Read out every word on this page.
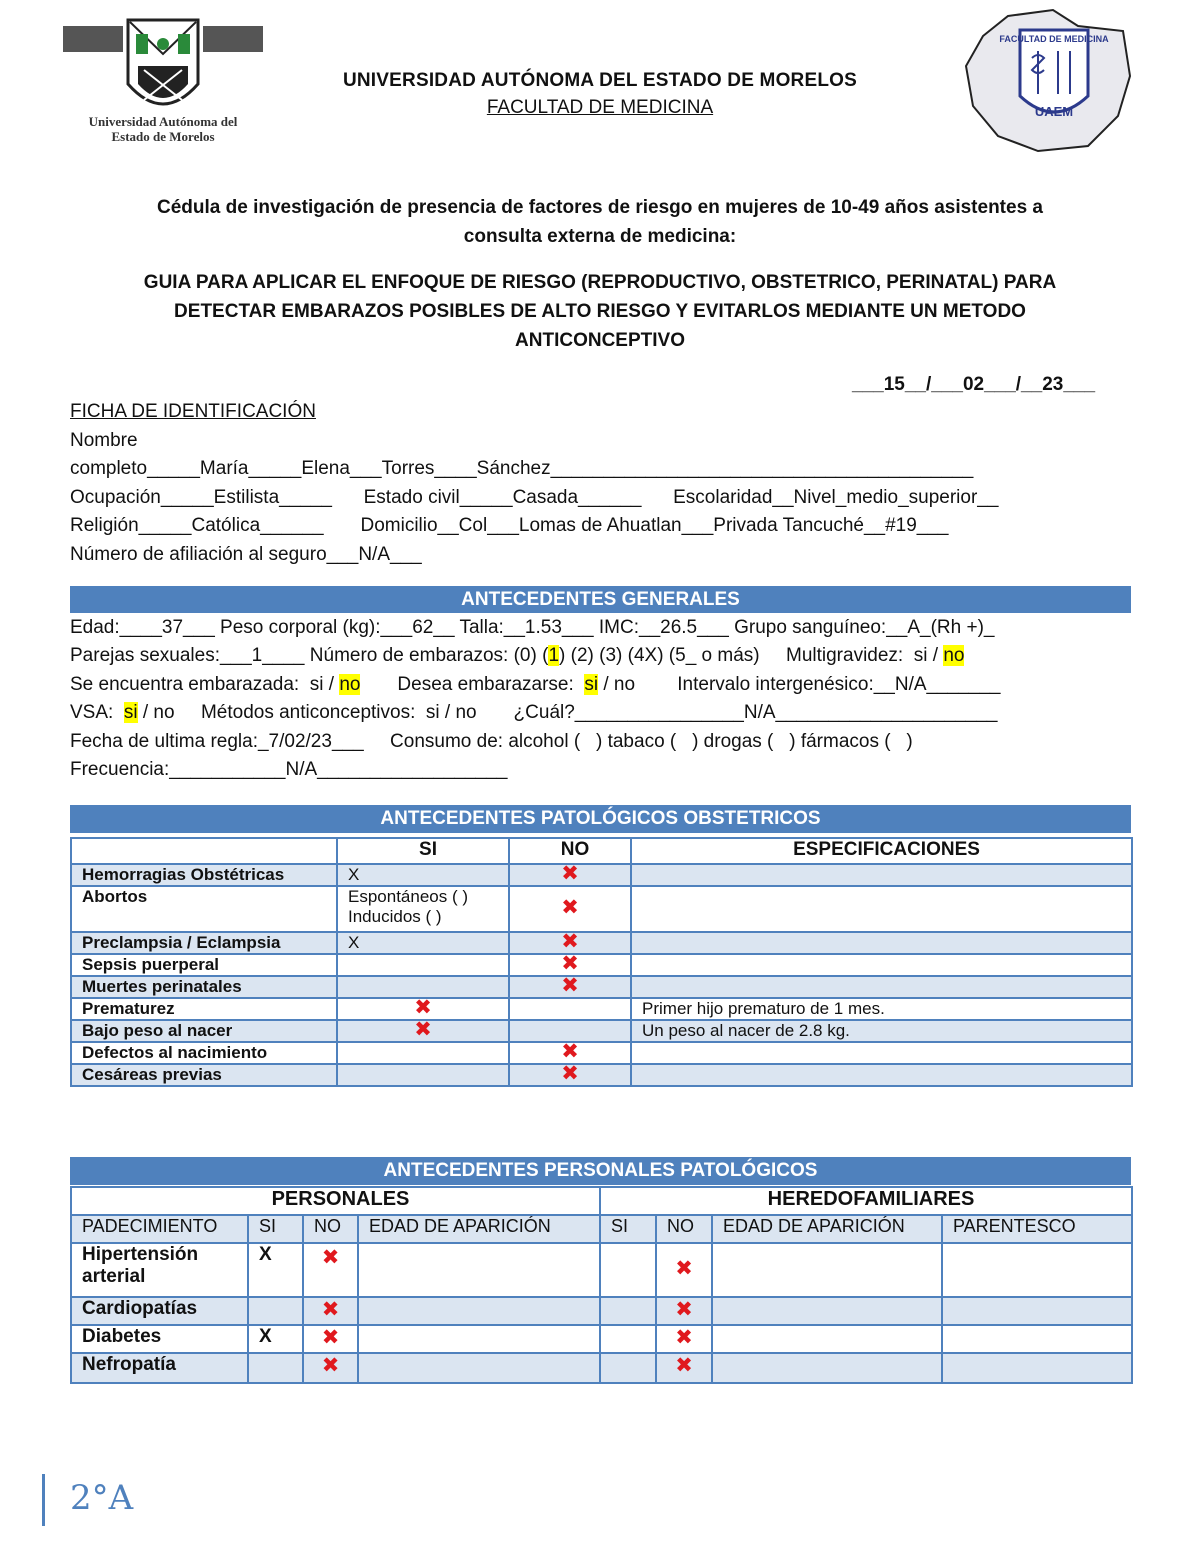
Universidad Autónoma del
Estado de Morelos
FACULTAD DE MEDICINA
UAEM
UNIVERSIDAD AUTÓNOMA DEL ESTADO DE MORELOS
FACULTAD DE MEDICINA
Cédula de investigación de presencia de factores de riesgo en mujeres de 10-49 años asistentes a
consulta externa de medicina:
GUIA PARA APLICAR EL ENFOQUE DE RIESGO (REPRODUCTIVO, OBSTETRICO, PERINATAL) PARA
DETECTAR EMBARAZOS POSIBLES DE ALTO RIESGO Y EVITARLOS MEDIANTE UN METODO
ANTICONCEPTIVO
___15__/___02___/__23___
FICHA DE IDENTIFICACIÓN
Nombre
completo_____María_____Elena___Torres____Sánchez________________________________________
Ocupación_____Estilista_____      Estado civil_____Casada______      Escolaridad__Nivel_medio_superior__
Religión_____Católica______       Domicilio__Col___Lomas de Ahuatlan___Privada Tancuché__#19___
Número de afiliación al seguro___N/A___
ANTECEDENTES GENERALES
Edad:____37___ Peso corporal (kg):___62__ Talla:__1.53___ IMC:__26.5___ Grupo sanguíneo:__A_(Rh +)_
Parejas sexuales:___1____ Número de embarazos: (0) (1) (2) (3) (4X) (5_ o más)     Multigravidez:  si / no
Se encuentra embarazada:  si / no       Desea embarazarse:  si / no        Intervalo intergenésico:__N/A_______
VSA:  si / no     Métodos anticonceptivos:  si / no       ¿Cuál?________________N/A_____________________
Fecha de ultima regla:_7/02/23___     Consumo de: alcohol (   ) tabaco (   ) drogas (   ) fármacos (   )
Frecuencia:___________N/A__________________
ANTECEDENTES PATOLÓGICOS OBSTETRICOS
	SI	NO	ESPECIFICACIONES
Hemorragias Obstétricas	X	✖	
Abortos	Espontáneos ( )
Inducidos ( )	✖	
Preclampsia / Eclampsia	X	✖	
Sepsis puerperal		✖	
Muertes perinatales		✖	
Prematurez	✖		Primer hijo prematuro de 1 mes.
Bajo peso al nacer	✖		Un peso al nacer de 2.8 kg.
Defectos al nacimiento		✖	
Cesáreas previas		✖	
ANTECEDENTES PERSONALES PATOLÓGICOS
PERSONALES				HEREDOFAMILIARES			
PADECIMIENTO	SI	NO	EDAD DE APARICIÓN	SI	NO	EDAD DE APARICIÓN	PARENTESCO

Hipertensión
arterial	X	✖			✖		
Cardiopatías		✖			✖		
Diabetes	X	✖			✖		
Nefropatía		✖			✖		
2°A
